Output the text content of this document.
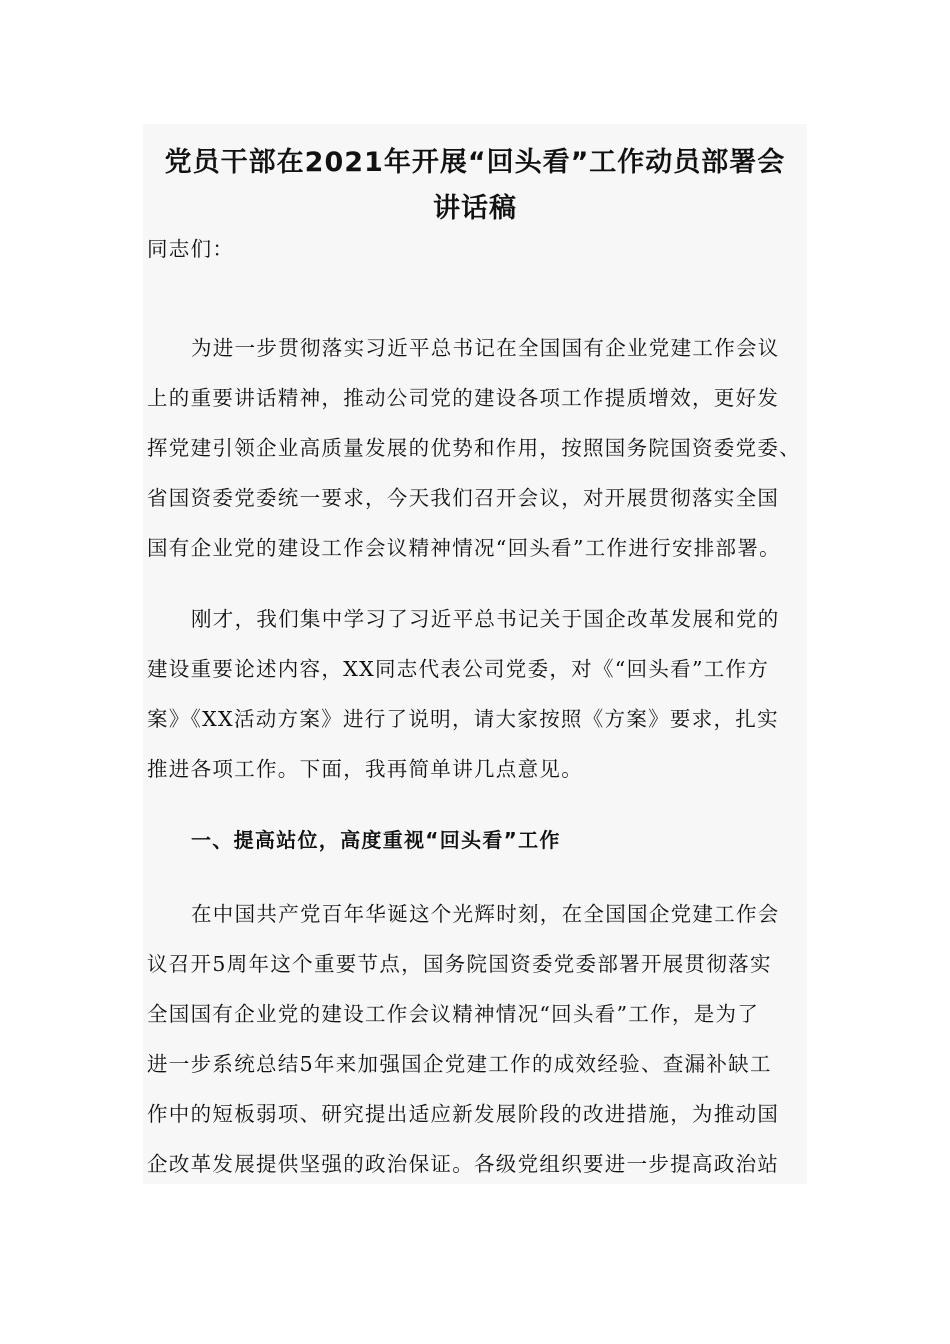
党员干部在2021年开展“回头看”工作动员部署会
讲话稿
同志们：
为进一步贯彻落实习近平总书记在全国国有企业党建工作会议
上的重要讲话精神，推动公司党的建设各项工作提质增效，更好发
挥党建引领企业高质量发展的优势和作用，按照国务院国资委党委、
省国资委党委统一要求，今天我们召开会议，对开展贯彻落实全国
国有企业党的建设工作会议精神情况“回头看”工作进行安排部署。
刚才，我们集中学习了习近平总书记关于国企改革发展和党的
建设重要论述内容，XX同志代表公司党委，对《“回头看”工作方
案》《XX活动方案》进行了说明，请大家按照《方案》要求，扎实
推进各项工作。下面，我再简单讲几点意见。
一、提高站位，高度重视“回头看”工作
在中国共产党百年华诞这个光辉时刻，在全国国企党建工作会
议召开5周年这个重要节点，国务院国资委党委部署开展贯彻落实
全国国有企业党的建设工作会议精神情况“回头看”工作，是为了
进一步系统总结5年来加强国企党建工作的成效经验、查漏补缺工
作中的短板弱项、研究提出适应新发展阶段的改进措施，为推动国
企改革发展提供坚强的政治保证。各级党组织要进一步提高政治站
